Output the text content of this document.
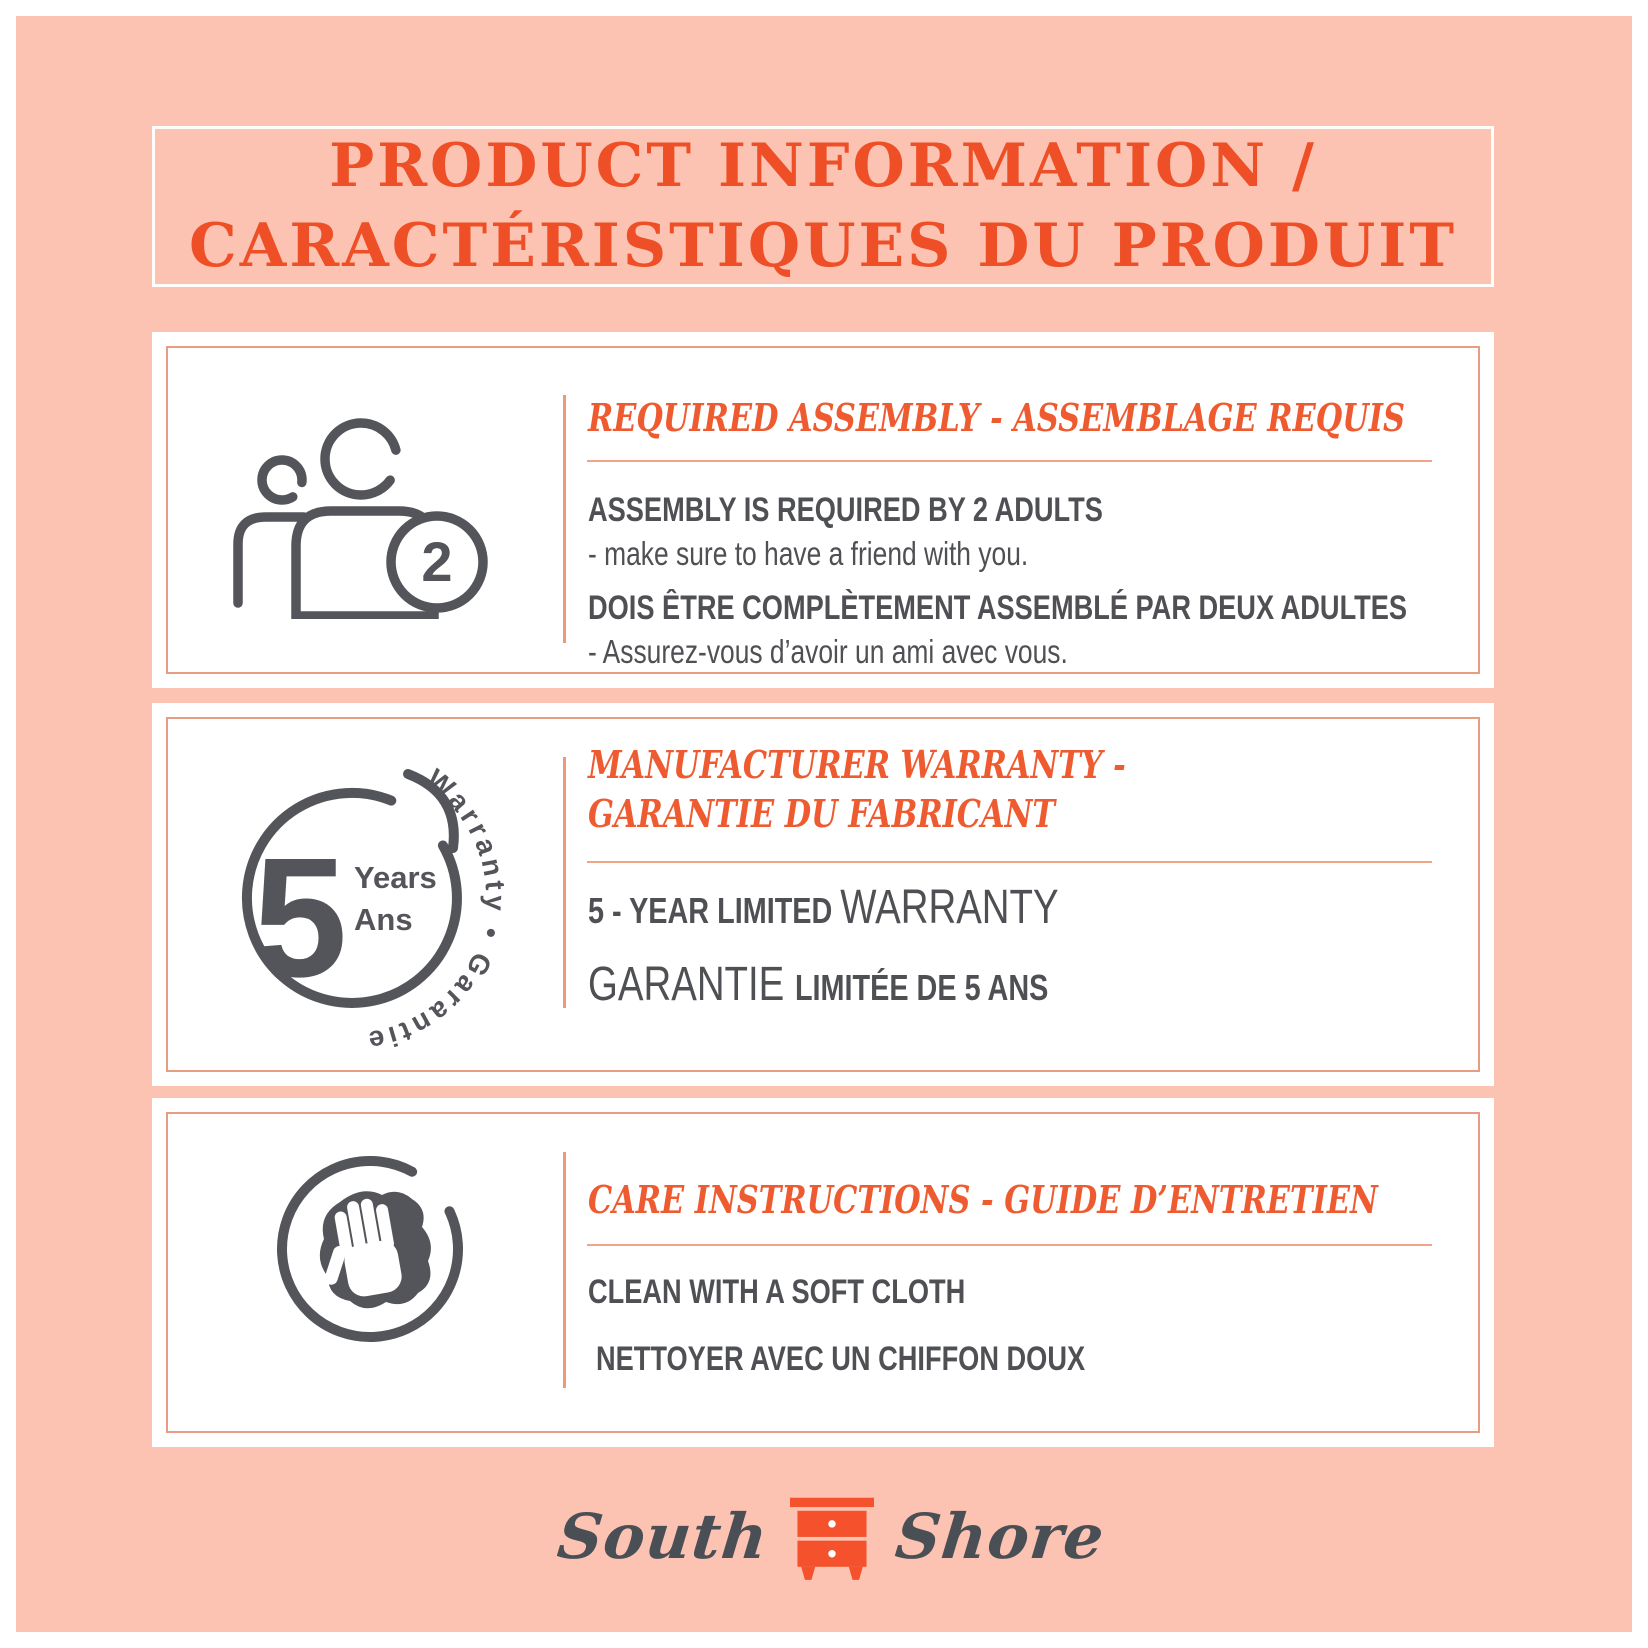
PRODUCT INFORMATION /
CARACTÉRISTIQUES DU PRODUIT
2
REQUIRED ASSEMBLY - ASSEMBLAGE REQUIS
ASSEMBLY IS REQUIRED BY 2 ADULTS
- make sure to have a friend with you.
DOIS ÊTRE COMPLÈTEMENT ASSEMBLÉ PAR DEUX ADULTES
- Assurez-vous d’avoir un ami avec vous.
5 Years
Ans
Warranty • Garantie
MANUFACTURER WARRANTY -
GARANTIE DU FABRICANT
5 - YEAR LIMITED WARRANTY
GARANTIE LIMITÉE DE 5 ANS
CARE INSTRUCTIONS - GUIDE D’ENTRETIEN
CLEAN WITH A SOFT CLOTH
NETTOYER AVEC UN CHIFFON DOUX
South Shore
